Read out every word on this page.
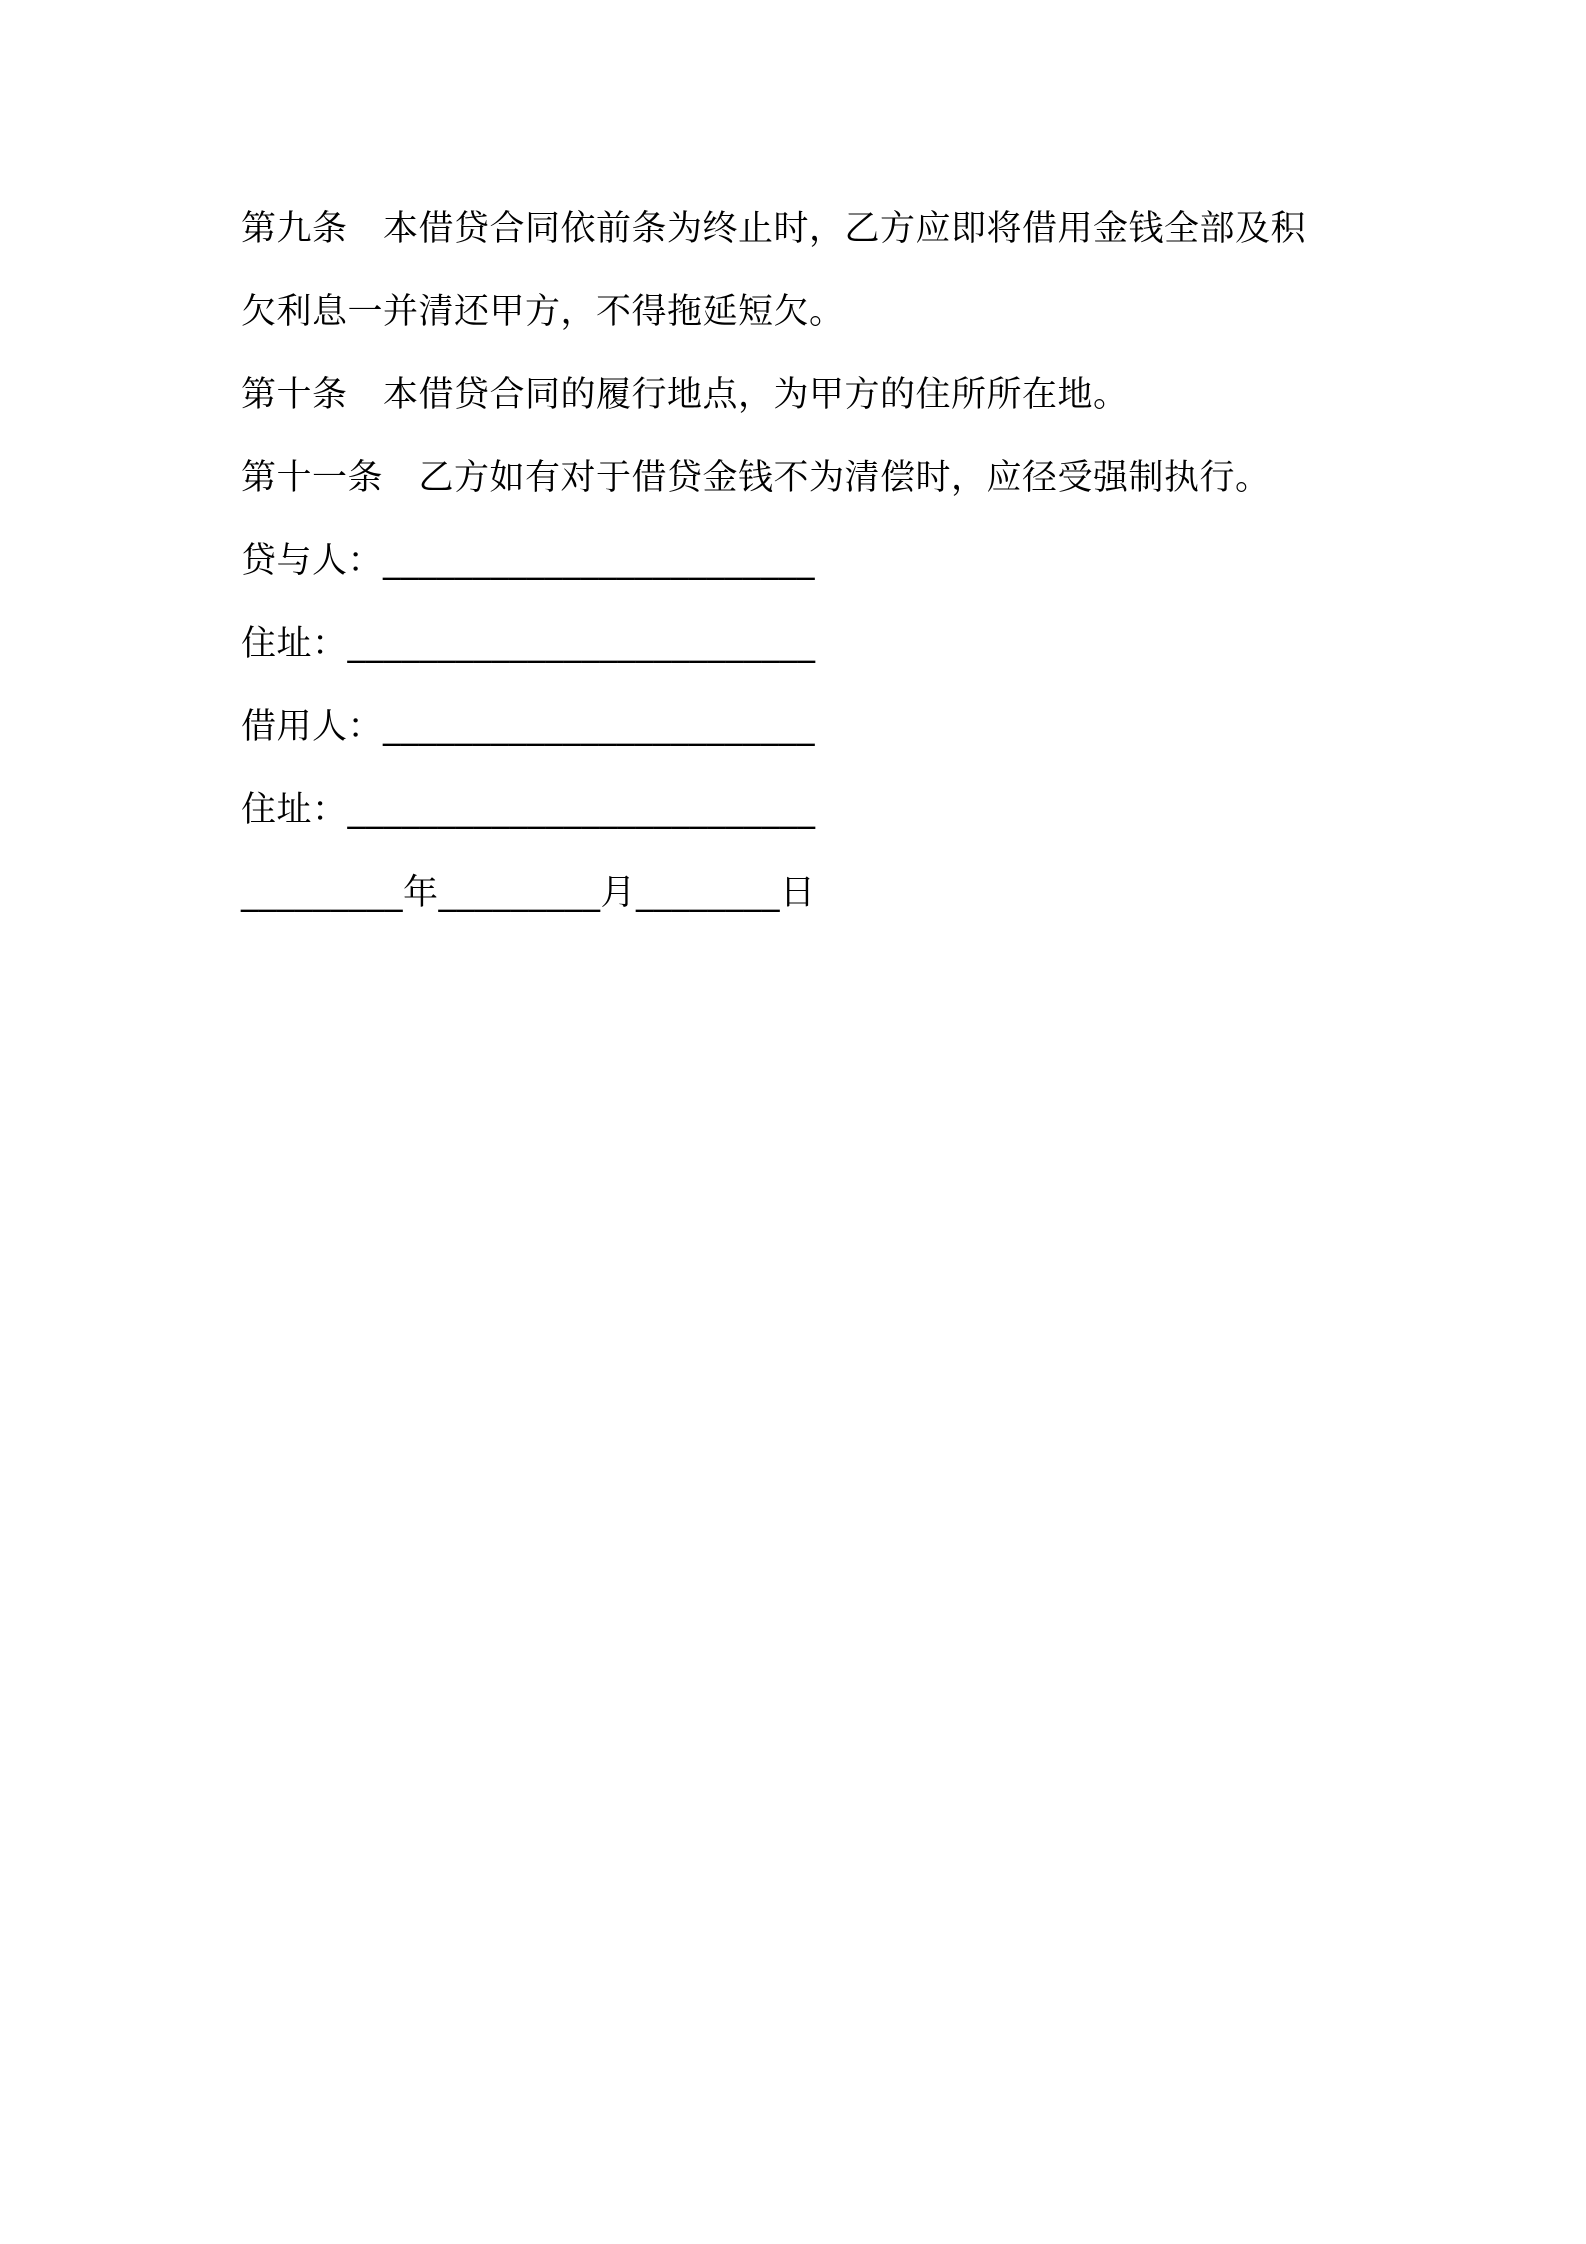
第九条　本借贷合同依前条为终止时，乙方应即将借用金钱全部及积
欠利息一并清还甲方，不得拖延短欠。
第十条　本借贷合同的履行地点，为甲方的住所所在地。
第十一条　乙方如有对于借贷金钱不为清偿时，应径受强制执行。
贷与人：________________________
住址：__________________________
借用人：________________________
住址：__________________________
_________年_________月________日
